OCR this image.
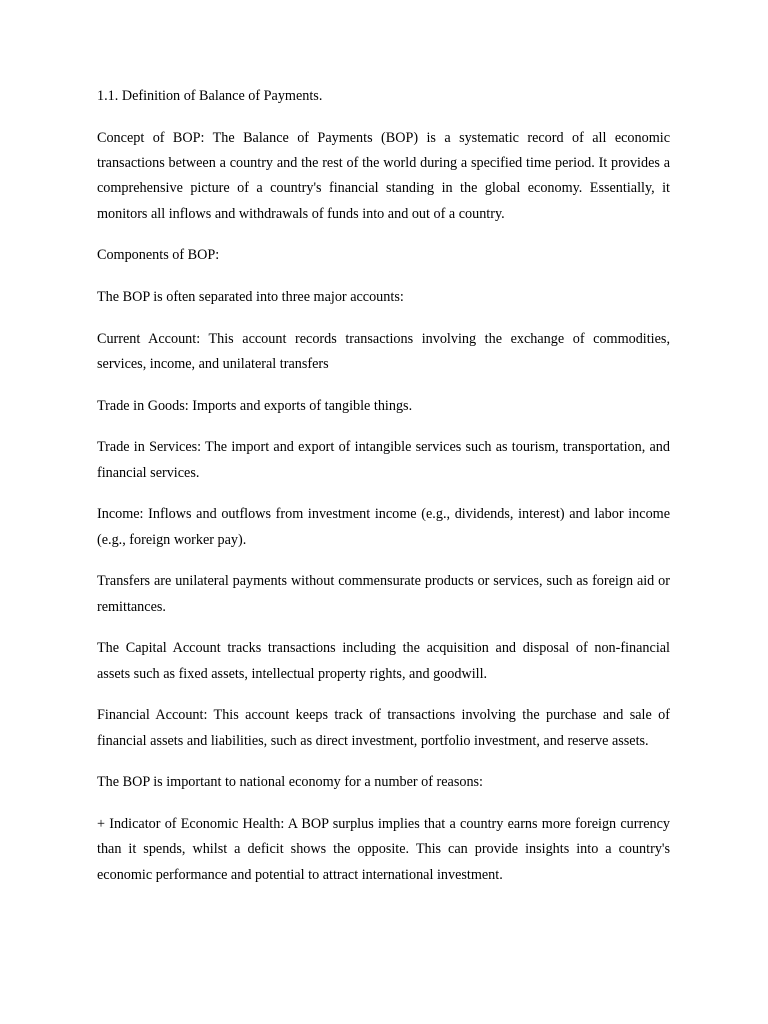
1.1. Definition of Balance of Payments.

Concept of BOP: The Balance of Payments (BOP) is a systematic record of all economic transactions between a country and the rest of the world during a specified time period. It provides a comprehensive picture of a country's financial standing in the global economy. Essentially, it monitors all inflows and withdrawals of funds into and out of a country.

Components of BOP:

The BOP is often separated into three major accounts:

Current Account: This account records transactions involving the exchange of commodities, services, income, and unilateral transfers

Trade in Goods: Imports and exports of tangible things.

Trade in Services: The import and export of intangible services such as tourism, transportation, and financial services.

Income: Inflows and outflows from investment income (e.g., dividends, interest) and labor income (e.g., foreign worker pay).

Transfers are unilateral payments without commensurate products or services, such as foreign aid or remittances.

The Capital Account tracks transactions including the acquisition and disposal of non-financial assets such as fixed assets, intellectual property rights, and goodwill.

Financial Account: This account keeps track of transactions involving the purchase and sale of financial assets and liabilities, such as direct investment, portfolio investment, and reserve assets.

The BOP is important to national economy for a number of reasons:

+ Indicator of Economic Health: A BOP surplus implies that a country earns more foreign currency than it spends, whilst a deficit shows the opposite. This can provide insights into a country's economic performance and potential to attract international investment.
